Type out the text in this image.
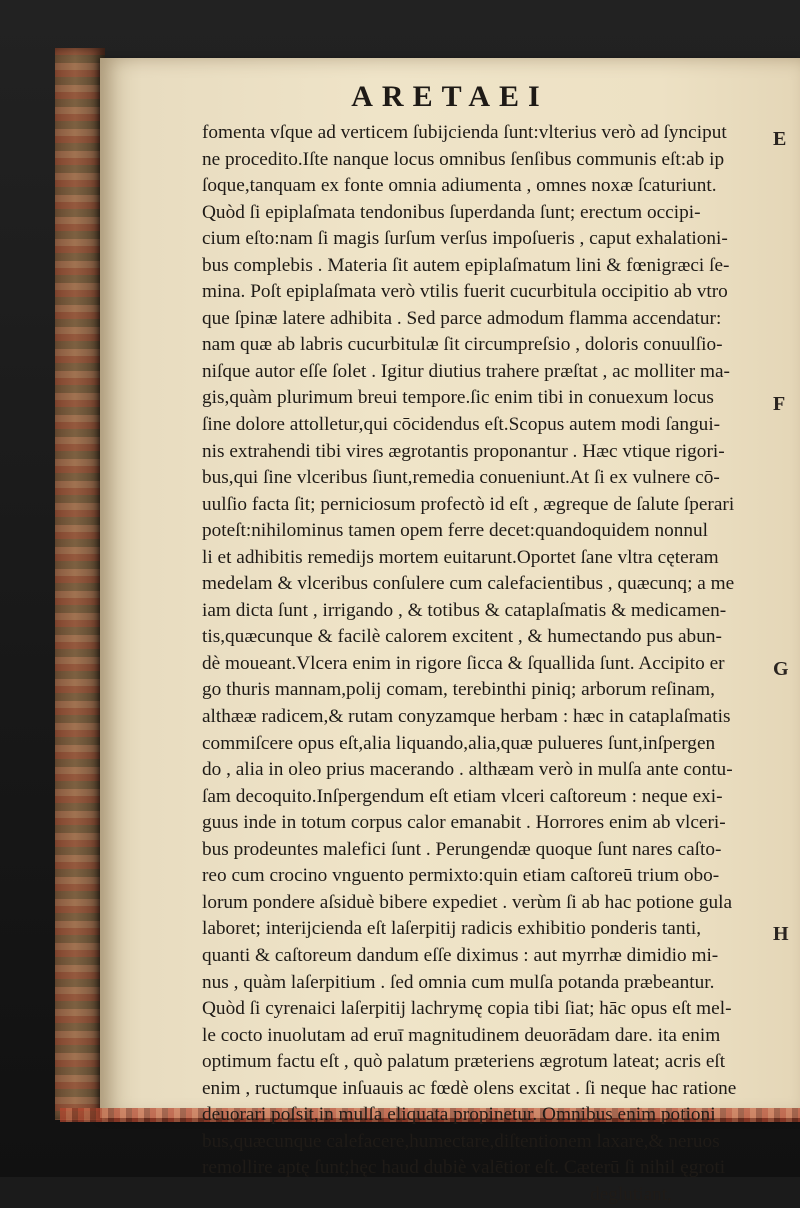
ARETAEI
fomenta vſque ad verticem ſubijcienda ſunt:vlterius verò ad ſynciput
ne procedito.Iſte nanque locus omnibus ſenſibus communis eſt:ab ip
ſoque,tanquam ex fonte omnia adiumenta , omnes noxæ ſcaturiunt.
Quòd ſi epiplaſmata tendonibus ſuperdanda ſunt; erectum occipi-
cium eſto:nam ſi magis ſurſum verſus impoſueris , caput exhalationi-
bus complebis . Materia ſit autem epiplaſmatum lini & fœnigræci ſe-
mina. Poſt epiplaſmata verò vtilis fuerit cucurbitula occipitio ab vtro
que ſpinæ latere adhibita . Sed parce admodum flamma accendatur:
nam quæ ab labris cucurbitulæ ſit circumpreſsio , doloris conuulſio-
niſque autor eſſe ſolet . Igitur diutius trahere præſtat , ac molliter ma-
gis,quàm plurimum breui tempore.ſic enim tibi in conuexum locus
ſine dolore attolletur,qui cōcidendus eſt.Scopus autem modi ſangui-
nis extrahendi tibi vires ægrotantis proponantur . Hæc vtique rigori-
bus,qui ſine vlceribus ſiunt,remedia conueniunt.At ſi ex vulnere cō-
uulſio facta ſit; perniciosum profectò id eſt , ægreque de ſalute ſperari
poteſt:nihilominus tamen opem ferre decet:quandoquidem nonnul
li et adhibitis remedijs mortem euitarunt.Oportet ſane vltra cęteram
medelam & vlceribus conſulere cum calefacientibus , quæcunq; a me
iam dicta ſunt , irrigando , & totibus & cataplaſmatis & medicamen-
tis,quæcunque & facilè calorem excitent , & humectando pus abun-
dè moueant.Vlcera enim in rigore ſicca & ſquallida ſunt. Accipito er
go thuris mannam,polij comam, terebinthi piniq; arborum reſinam,
althææ radicem,& rutam conyzamque herbam : hæc in cataplaſmatis
commiſcere opus eſt,alia liquando,alia,quæ pulueres ſunt,inſpergen
do , alia in oleo prius macerando . althæam verò in mulſa ante contu-
ſam decoquito.Inſpergendum eſt etiam vlceri caſtoreum : neque exi-
guus inde in totum corpus calor emanabit . Horrores enim ab vlceri-
bus prodeuntes malefici ſunt . Perungendæ quoque ſunt nares caſto-
reo cum crocino vnguento permixto:quin etiam caſtoreū trium obo-
lorum pondere aſsiduè bibere expediet . verùm ſi ab hac potione gula
laboret; interijcienda eſt laſerpitij radicis exhibitio ponderis tanti,
quanti & caſtoreum dandum eſſe diximus : aut myrrhæ dimidio mi-
nus , quàm laſerpitium . ſed omnia cum mulſa potanda præbeantur.
Quòd ſi cyrenaici laſerpitij lachrymę copia tibi ſiat; hāc opus eſt mel-
le cocto inuolutam ad eruī magnitudinem deuorādam dare. ita enim
optimum factu eſt , quò palatum præteriens ægrotum lateat; acris eſt
enim , ructumque inſuauis ac fœdè olens excitat . ſi neque hac ratione
deuorari poſsit,in mulſa eliquata propinetur. Omnibus enim potioni
bus,quæcunque calefacere,humectare,diſtentionem laxare,& neruos
remollire aptę ſunt;hęc haud dubiè valētior eſt. Cæterū ſi nihil ęgroti
deglutiant,
E
F
G
H
